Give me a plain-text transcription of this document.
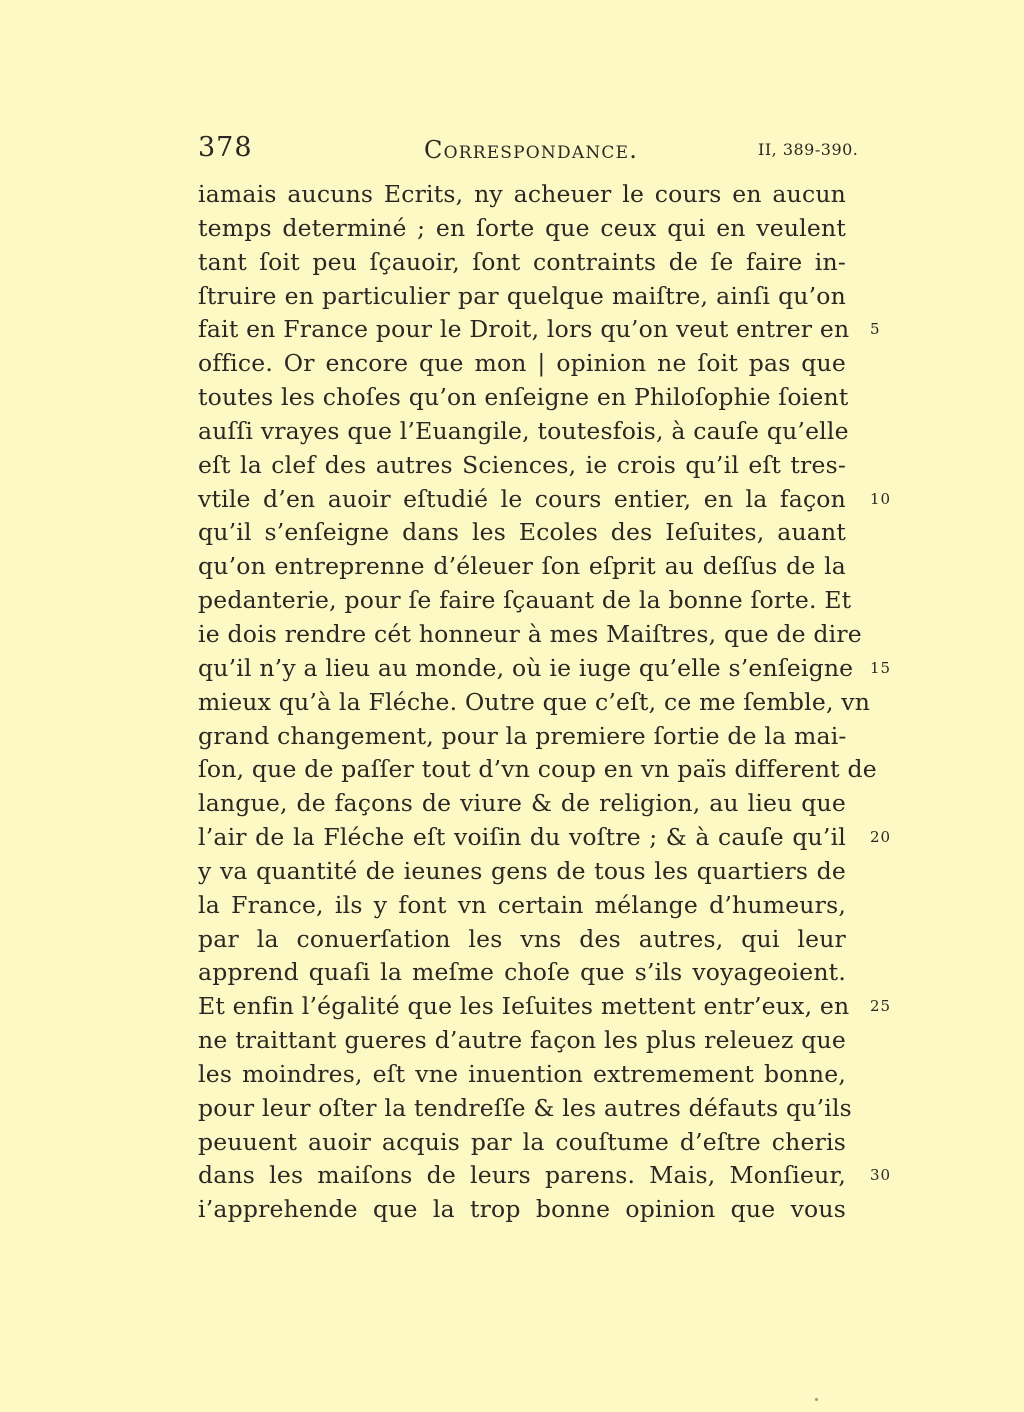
378	Correspondance.	II, 389-390.
iamais aucuns Ecrits, ny acheuer le cours en aucun
temps determiné ; en ſorte que ceux qui en veulent
tant ſoit peu ſçauoir, ſont contraints de ſe faire in-
ſtruire en particulier par quelque maiſtre, ainſi qu’on
fait en France pour le Droit, lors qu’on veut entrer en 5
office. Or encore que mon | opinion ne ſoit pas que
toutes les choſes qu’on enſeigne en Philoſophie ſoient
auſſi vrayes que l’Euangile, toutesfois, à cauſe qu’elle
eſt la clef des autres Sciences, ie crois qu’il eſt tres-
vtile d’en auoir eſtudié le cours entier, en la façon 10
qu’il s’enſeigne dans les Ecoles des Ieſuites, auant
qu’on entreprenne d’éleuer ſon eſprit au deſſus de la
pedanterie, pour ſe faire ſçauant de la bonne ſorte. Et
ie dois rendre cét honneur à mes Maiſtres, que de dire
qu’il n’y a lieu au monde, où ie iuge qu’elle s’enſeigne 15
mieux qu’à la Fléche. Outre que c’eſt, ce me ſemble, vn
grand changement, pour la premiere ſortie de la mai-
ſon, que de paſſer tout d’vn coup en vn païs different de
langue, de façons de viure & de religion, au lieu que
l’air de la Fléche eſt voiſin du voſtre ; & à cauſe qu’il 20
y va quantité de ieunes gens de tous les quartiers de
la France, ils y font vn certain mélange d’humeurs,
par la conuerſation les vns des autres, qui leur
apprend quaſi la meſme choſe que s’ils voyageoient.
Et enfin l’égalité que les Ieſuites mettent entr’eux, en 25
ne traittant gueres d’autre façon les plus releuez que
les moindres, eſt vne inuention extremement bonne,
pour leur oſter la tendreſſe & les autres défauts qu’ils
peuuent auoir acquis par la couſtume d’eſtre cheris
dans les maiſons de leurs parens. Mais, Monſieur, 30
i’apprehende que la trop bonne opinion que vous
